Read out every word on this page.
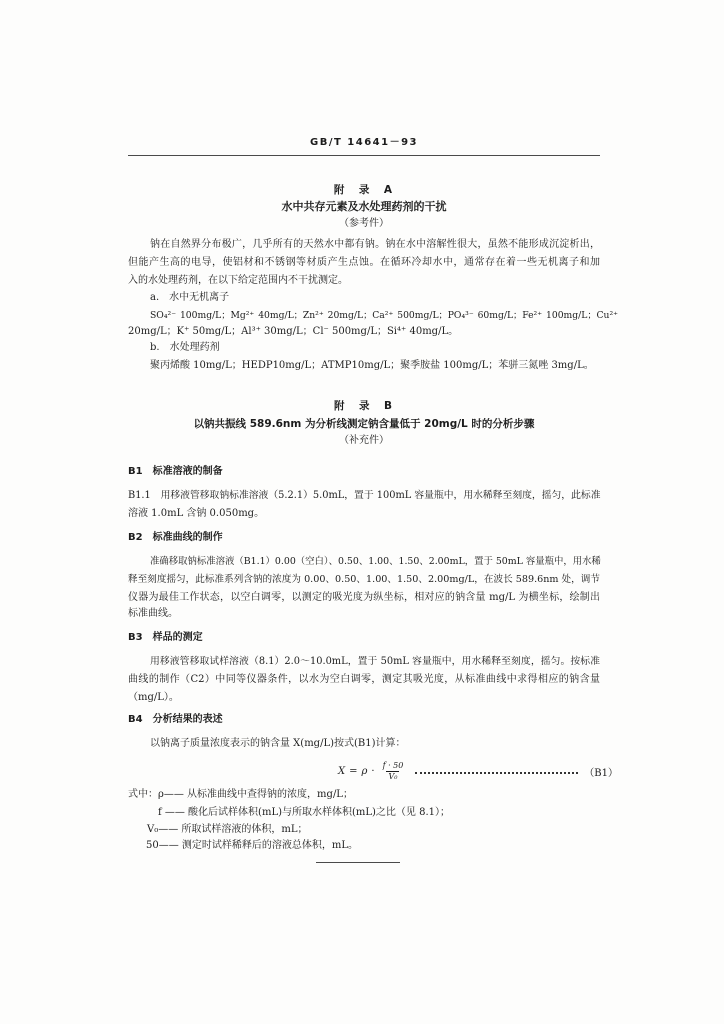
GB/T 14641－93
附　录　A
水中共存元素及水处理药剂的干扰
（参考件）
钠在自然界分布极广，几乎所有的天然水中都有钠。钠在水中溶解性很大，虽然不能形成沉淀析出，
但能产生高的电导，使铝材和不锈钢等材质产生点蚀。在循环冷却水中，通常存在着一些无机离子和加
入的水处理药剂，在以下给定范围内不干扰测定。
a.　水中无机离子
SO₄²⁻ 100mg/L；Mg²⁺ 40mg/L；Zn²⁺ 20mg/L；Ca²⁺ 500mg/L；PO₄³⁻ 60mg/L；Fe²⁺ 100mg/L；Cu²⁺
20mg/L；K⁺ 50mg/L；Al³⁺ 30mg/L；Cl⁻ 500mg/L；Si⁴⁺ 40mg/L。
b.　水处理药剂
聚丙烯酸 10mg/L；HEDP10mg/L；ATMP10mg/L；聚季胺盐 100mg/L；苯骈三氮唑 3mg/L。
附　录　B
以钠共振线 589.6nm 为分析线测定钠含量低于 20mg/L 时的分析步骤
（补充件）
B1　标准溶液的制备
B1.1　用移液管移取钠标准溶液（5.2.1）5.0mL，置于 100mL 容量瓶中，用水稀释至刻度，摇匀，此标准
溶液 1.0mL 含钠 0.050mg。
B2　标准曲线的制作
准确移取钠标准溶液（B1.1）0.00（空白）、0.50、1.00、1.50、2.00mL，置于 50mL 容量瓶中，用水稀
释至刻度摇匀，此标准系列含钠的浓度为 0.00、0.50、1.00、1.50、2.00mg/L，在波长 589.6nm 处，调节
仪器为最佳工作状态，以空白调零，以测定的吸光度为纵坐标，相对应的钠含量 mg/L 为横坐标，绘制出
标准曲线。
B3　样品的测定
用移液管移取试样溶液（8.1）2.0～10.0mL，置于 50mL 容量瓶中，用水稀释至刻度，摇匀。按标准
曲线的制作（C2）中同等仪器条件，以水为空白调零，测定其吸光度，从标准曲线中求得相应的钠含量
（mg/L）。
B4　分析结果的表述
以钠离子质量浓度表示的钠含量 X(mg/L)按式(B1)计算：
$X = \rho \cdot \frac{f \cdot 50}{\text{V₀}}$	（B1）
式中：ρ—— 从标准曲线中查得钠的浓度，mg/L；
f —— 酸化后试样体积(mL)与所取水样体积(mL)之比（见 8.1）；
V₀—— 所取试样溶液的体积，mL；
50—— 测定时试样稀释后的溶液总体积，mL。
